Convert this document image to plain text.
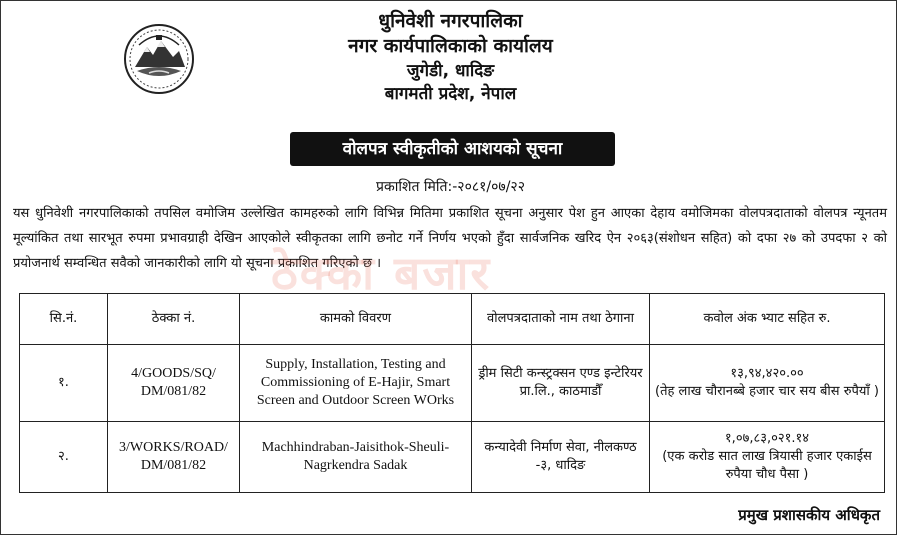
धुनिवेशी नगरपालिका
नगर कार्यपालिकाको कार्यालय
जुगेडी, धादिङ
बागमती प्रदेश, नेपाल
वोलपत्र स्वीकृतीको आशयको सूचना
प्रकाशित मिति:-२०८१/०७/२२
यस धुनिवेशी नगरपालिकाको तपसिल वमोजिम उल्लेखित कामहरुको लागि विभिन्न मितिमा प्रकाशित सूचना अनुसार पेश हुन आएका देहाय वमोजिमका वोलपत्रदाताको वोलपत्र न्यूनतम मूल्यांकित तथा सारभूत रुपमा प्रभावग्राही देखिन आएकोले स्वीकृतका लागि छनोट गर्ने निर्णय भएको हुँदा सार्वजनिक खरिद ऐन २०६३(संशोधन सहित) को दफा २७ को उपदफा २ को प्रयोजनार्थ सम्वन्धित सवैको जानकारीको लागि यो सूचना प्रकाशित गरिएको छ ।
ठेक्का बजार
सि.नं.	ठेक्का नं.	कामको विवरण	वोलपत्रदाताको नाम तथा ठेगाना	कवोल अंक भ्याट सहित रु.
१.	4/GOODS/SQ/ DM/081/82	Supply, Installation, Testing and Commissioning of E-Hajir, Smart Screen and Outdoor Screen WOrks	ड्रीम सिटी कन्स्ट्रक्सन एण्ड इन्टेरियर प्रा.लि., काठमाडौँ	१३,९४,४२०.००
(तेह लाख चौरानब्बे हजार चार सय बीस रुपैयाँ )

२.	3/WORKS/ROAD/ DM/081/82	Machhindraban-Jaisithok-Sheuli-Nagrkendra Sadak	कन्यादेवी निर्माण सेवा, नीलकण्ठ -३, धादिङ	१,०७,८३,०२१.१४
(एक करोड सात लाख त्रियासी हजार एकाईस रुपैया चौध पैसा )
प्रमुख प्रशासकीय अधिकृत
